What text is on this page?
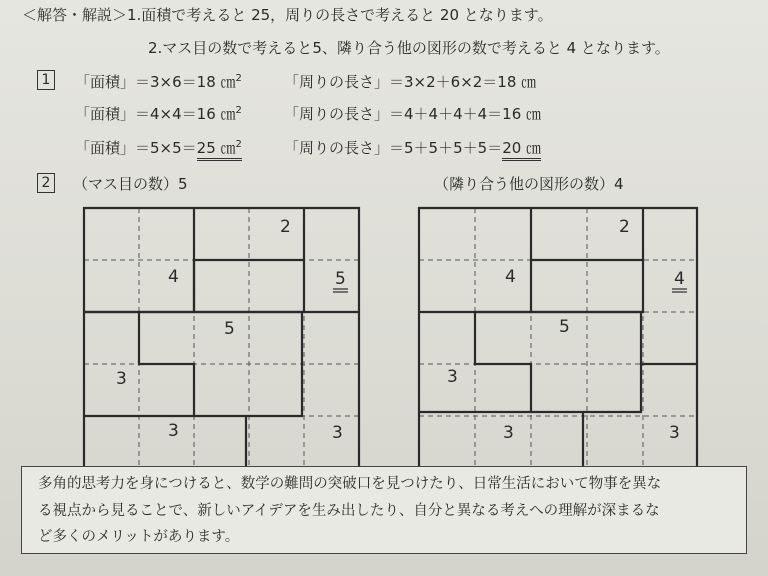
＜解答・解説＞1.面積で考えると 25，周りの長さで考えると 20 となります。
2.マス目の数で考えると5、隣り合う他の図形の数で考えると 4 となります。
1	「面積」＝3×6＝18 ㎝$^2$	「周りの長さ」＝3×2＋6×2＝18 ㎝
「面積」＝4×4＝16 ㎝$^2$	「周りの長さ」＝4＋4＋4＋4＝16 ㎝
「面積」＝5×5＝25 ㎝$^2$	「周りの長さ」＝5＋5＋5＋5＝20 ㎝
2	（マス目の数）5	（隣り合う他の図形の数）4
2
4	5
5
3
3	3
2
4	4
5
3
3	3

多角的思考力を身につけると、数学の難問の突破口を見つけたり、日常生活において物事を異な

る視点から見ることで、新しいアイデアを生み出したり、自分と異なる考えへの理解が深まるな

ど多くのメリットがあります。
